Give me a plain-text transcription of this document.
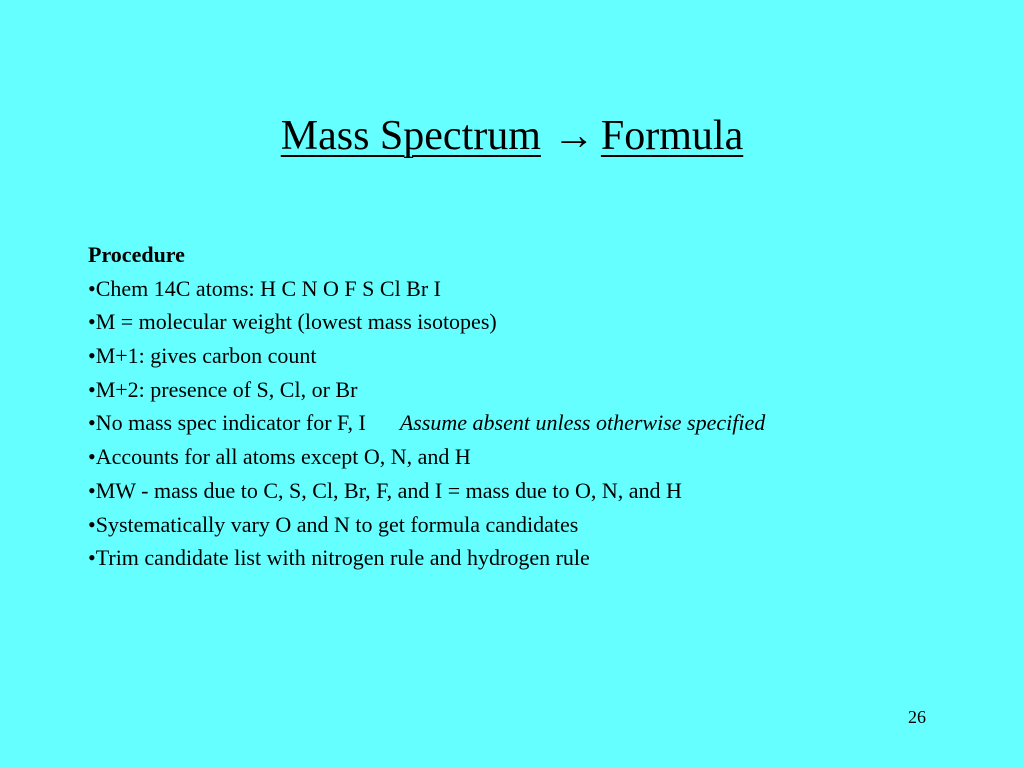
Mass Spectrum → Formula
Procedure
•Chem 14C atoms: H C N O F S Cl Br I
•M = molecular weight (lowest mass isotopes)
•M+1: gives carbon count
•M+2: presence of S, Cl, or Br
•No mass spec indicator for F, I Assume absent unless otherwise specified
•Accounts for all atoms except O, N, and H
•MW - mass due to C, S, Cl, Br, F, and I = mass due to O, N, and H
•Systematically vary O and N to get formula candidates
•Trim candidate list with nitrogen rule and hydrogen rule
26
